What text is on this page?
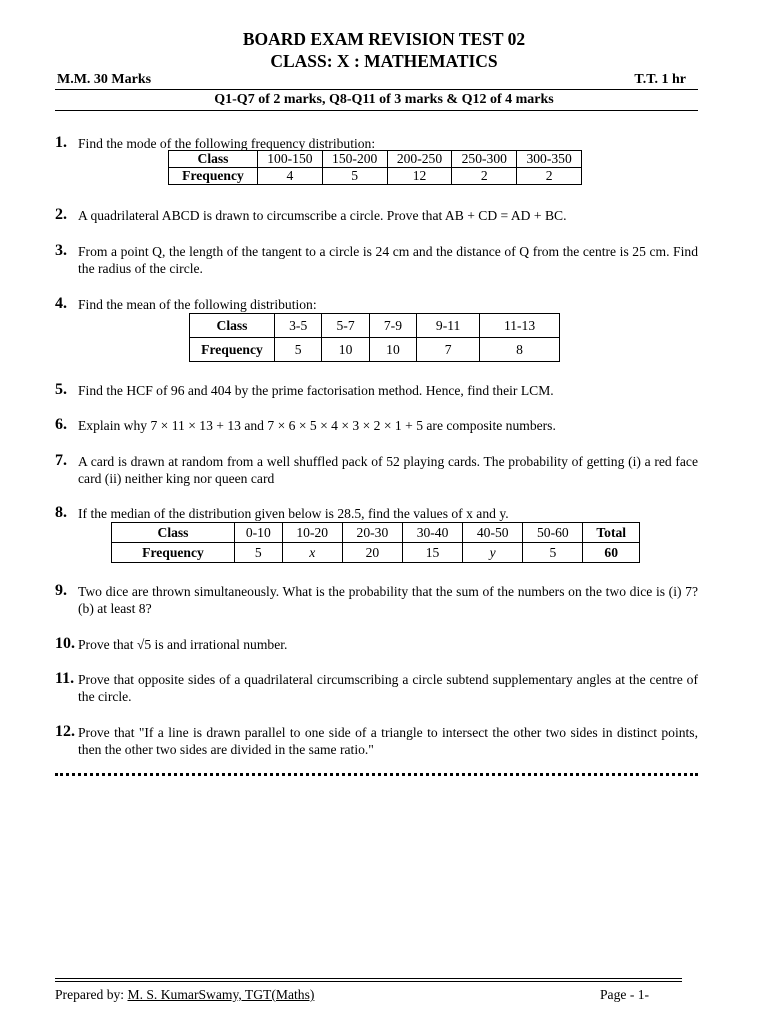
BOARD EXAM REVISION TEST 02
CLASS: X : MATHEMATICS
M.M. 30 Marks	T.T. 1 hr
Q1-Q7 of 2 marks, Q8-Q11 of 3 marks & Q12 of 4 marks
1. Find the mode of the following frequency distribution:
Class	100-150	150-200	200-250	250-300	300-350
Frequency	4	5	12	2	2
2. A quadrilateral ABCD is drawn to circumscribe a circle. Prove that AB + CD = AD + BC.
3. From a point Q, the length of the tangent to a circle is 24 cm and the distance of Q from the centre is 25 cm. Find the radius of the circle.
4. Find the mean of the following distribution:
Class	3-5	5-7	7-9	9-11	11-13
Frequency	5	10	10	7	8
5. Find the HCF of 96 and 404 by the prime factorisation method. Hence, find their LCM.
6. Explain why 7 × 11 × 13 + 13 and 7 × 6 × 5 × 4 × 3 × 2 × 1 + 5 are composite numbers.
7. A card is drawn at random from a well shuffled pack of 52 playing cards. The probability of getting (i) a red face card (ii) neither king nor queen card
8. If the median of the distribution given below is 28.5, find the values of x and y.
Class	0-10	10-20	20-30	30-40	40-50	50-60	Total
Frequency	5	x	20	15	y	5	60
9. Two dice are thrown simultaneously. What is the probability that the sum of the numbers on the two dice is (i) 7? (b) at least 8?
10. Prove that √5 is and irrational number.
11. Prove that opposite sides of a quadrilateral circumscribing a circle subtend supplementary angles at the centre of the circle.
12. Prove that "If a line is drawn parallel to one side of a triangle to intersect the other two sides in distinct points, then the other two sides are divided in the same ratio."
Prepared by: M. S. KumarSwamy, TGT(Maths)	Page - 1-
